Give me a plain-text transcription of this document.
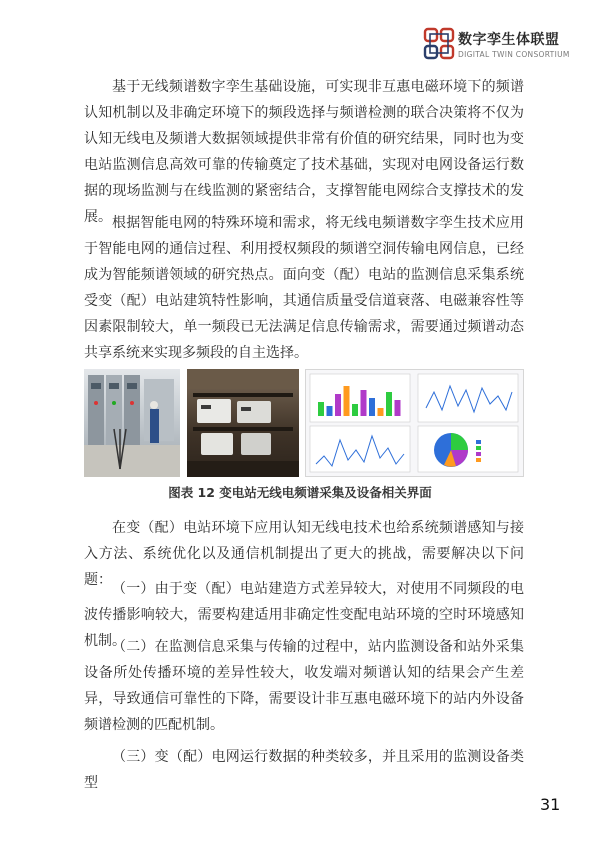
数字孪生体联盟
DIGITAL TWIN CONSORTIUM

基于无线频谱数字孪生基础设施，可实现非互惠电磁环境下的频谱认知机制以及非确定环境下的频段选择与频谱检测的联合决策将不仅为认知无线电及频谱大数据领域提供非常有价值的研究结果，同时也为变电站监测信息高效可靠的传输奠定了技术基础，实现对电网设备运行数据的现场监测与在线监测的紧密结合，支撑智能电网综合支撑技术的发展。 根据智能电网的特殊环境和需求，将无线电频谱数字孪生技术应用于智能电网的通信过程、利用授权频段的频谱空洞传输电网信息，已经成为智能频谱领域的研究热点。面向变（配）电站的监测信息采集系统受变（配）电站建筑特性影响，其通信质量受信道衰落、电磁兼容性等因素限制较大，单一频段已无法满足信息传输需求，需要通过频谱动态共享系统来实现多频段的自主选择。

图表 12 变电站无线电频谱采集及设备相关界面

在变（配）电站环境下应用认知无线电技术也给系统频谱感知与接入方法、系统优化以及通信机制提出了更大的挑战，需要解决以下问题：

（一）由于变（配）电站建造方式差异较大，对使用不同频段的电波传播影响较大，需要构建适用非确定性变配电站环境的空时环境感知机制。

（二）在监测信息采集与传输的过程中，站内监测设备和站外采集设备所处传播环境的差异性较大，收发端对频谱认知的结果会产生差异，导致通信可靠性的下降，需要设计非互惠电磁环境下的站内外设备频谱检测的匹配机制。

（三）变（配）电网运行数据的种类较多，并且采用的监测设备类型

31
